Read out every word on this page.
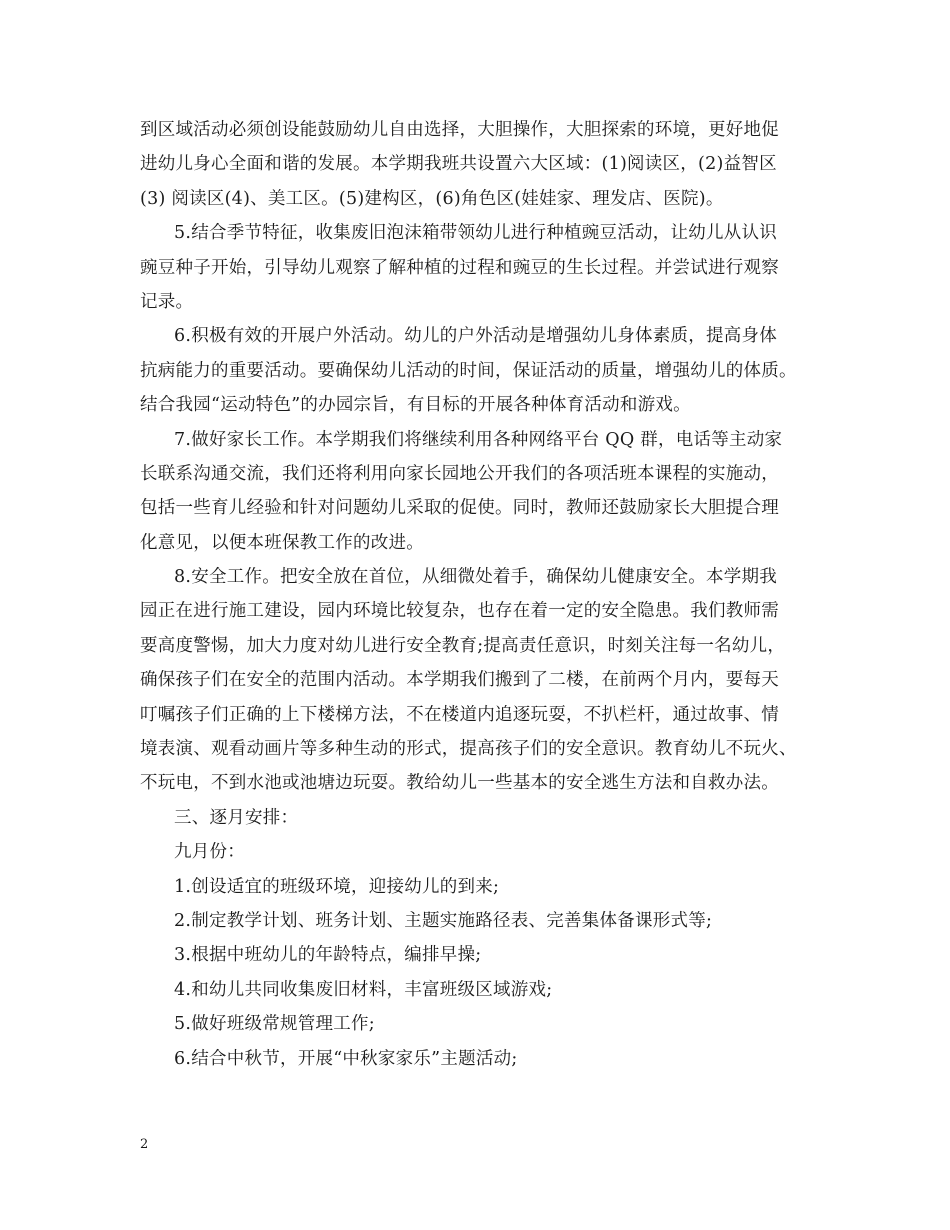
到区域活动必须创设能鼓励幼儿自由选择，大胆操作，大胆探索的环境，更好地促
进幼儿身心全面和谐的发展。本学期我班共设置六大区域：(1)阅读区，(2)益智区
(3) 阅读区(4)、美工区。(5)建构区，(6)角色区(娃娃家、理发店、医院)。
5.结合季节特征，收集废旧泡沫箱带领幼儿进行种植豌豆活动，让幼儿从认识
豌豆种子开始，引导幼儿观察了解种植的过程和豌豆的生长过程。并尝试进行观察
记录。
6.积极有效的开展户外活动。幼儿的户外活动是增强幼儿身体素质，提高身体
抗病能力的重要活动。要确保幼儿活动的时间，保证活动的质量，增强幼儿的体质。
结合我园“运动特色”的办园宗旨，有目标的开展各种体育活动和游戏。
7.做好家长工作。本学期我们将继续利用各种网络平台 QQ 群，电话等主动家
长联系沟通交流，我们还将利用向家长园地公开我们的各项活班本课程的实施动，
包括一些育儿经验和针对问题幼儿采取的促使。同时，教师还鼓励家长大胆提合理
化意见，以便本班保教工作的改进。
8.安全工作。把安全放在首位，从细微处着手，确保幼儿健康安全。本学期我
园正在进行施工建设，园内环境比较复杂，也存在着一定的安全隐患。我们教师需
要高度警惕，加大力度对幼儿进行安全教育;提高责任意识，时刻关注每一名幼儿，
确保孩子们在安全的范围内活动。本学期我们搬到了二楼，在前两个月内，要每天
叮嘱孩子们正确的上下楼梯方法，不在楼道内追逐玩耍，不扒栏杆，通过故事、情
境表演、观看动画片等多种生动的形式，提高孩子们的安全意识。教育幼儿不玩火、
不玩电，不到水池或池塘边玩耍。教给幼儿一些基本的安全逃生方法和自救办法。
三、逐月安排：
九月份：
1.创设适宜的班级环境，迎接幼儿的到来;
2.制定教学计划、班务计划、主题实施路径表、完善集体备课形式等;
3.根据中班幼儿的年龄特点，编排早操;
4.和幼儿共同收集废旧材料，丰富班级区域游戏;
5.做好班级常规管理工作;
6.结合中秋节，开展“中秋家家乐”主题活动;
2
